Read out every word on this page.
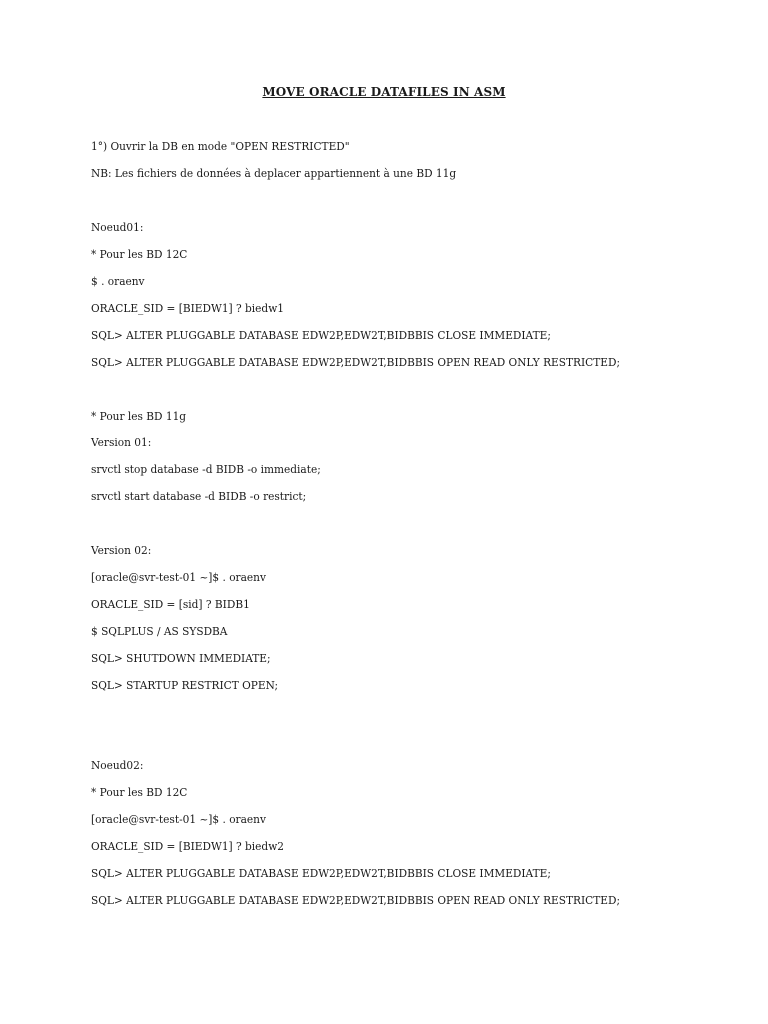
MOVE ORACLE DATAFILES IN ASM
1°) Ouvrir la DB en mode "OPEN RESTRICTED"
NB: Les fichiers de données à deplacer appartiennent à une BD 11g
Noeud01:
* Pour les BD 12C
$ . oraenv
ORACLE_SID = [BIEDW1] ? biedw1
SQL> ALTER PLUGGABLE DATABASE EDW2P,EDW2T,BIDBBIS CLOSE IMMEDIATE;
SQL> ALTER PLUGGABLE DATABASE EDW2P,EDW2T,BIDBBIS OPEN READ ONLY RESTRICTED;
* Pour les BD 11g
Version 01:
srvctl stop database -d BIDB -o immediate;
srvctl start database -d BIDB -o restrict;
Version 02:
[oracle@svr-test-01 ~]$ . oraenv
ORACLE_SID = [sid] ? BIDB1
$ SQLPLUS / AS SYSDBA
SQL> SHUTDOWN IMMEDIATE;
SQL> STARTUP RESTRICT OPEN;
Noeud02:
* Pour les BD 12C
[oracle@svr-test-01 ~]$ . oraenv
ORACLE_SID = [BIEDW1] ? biedw2
SQL> ALTER PLUGGABLE DATABASE EDW2P,EDW2T,BIDBBIS CLOSE IMMEDIATE;
SQL> ALTER PLUGGABLE DATABASE EDW2P,EDW2T,BIDBBIS OPEN READ ONLY RESTRICTED;
